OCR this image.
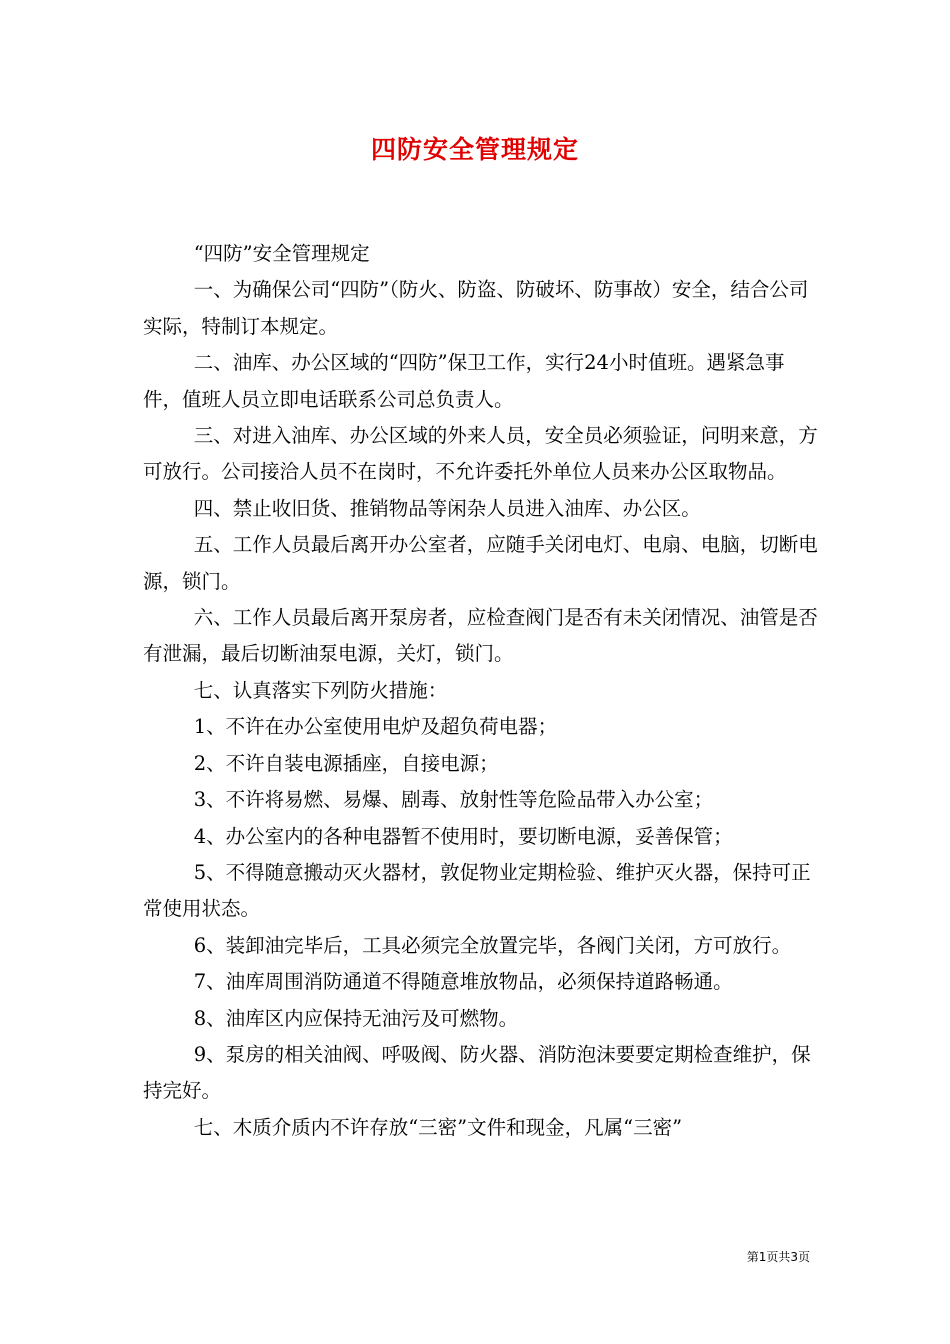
四防安全管理规定

“四防”安全管理规定

一、为确保公司“四防”（防火、防盗、防破坏、防事故）安全，结合公司实际，特制订本规定。

二、油库、办公区域的“四防”保卫工作，实行24小时值班。遇紧急事件，值班人员立即电话联系公司总负责人。

三、对进入油库、办公区域的外来人员，安全员必须验证，问明来意，方可放行。公司接洽人员不在岗时，不允许委托外单位人员来办公区取物品。

四、禁止收旧货、推销物品等闲杂人员进入油库、办公区。

五、工作人员最后离开办公室者，应随手关闭电灯、电扇、电脑，切断电源，锁门。

六、工作人员最后离开泵房者，应检查阀门是否有未关闭情况、油管是否有泄漏，最后切断油泵电源，关灯，锁门。

七、认真落实下列防火措施：

1、不许在办公室使用电炉及超负荷电器；

2、不许自装电源插座，自接电源；

3、不许将易燃、易爆、剧毒、放射性等危险品带入办公室；

4、办公室内的各种电器暂不使用时，要切断电源，妥善保管；

5、不得随意搬动灭火器材，敦促物业定期检验、维护灭火器，保持可正常使用状态。

6、装卸油完毕后，工具必须完全放置完毕，各阀门关闭，方可放行。

7、油库周围消防通道不得随意堆放物品，必须保持道路畅通。

8、油库区内应保持无油污及可燃物。

9、泵房的相关油阀、呼吸阀、防火器、消防泡沫要要定期检查维护，保持完好。

七、木质介质内不许存放“三密”文件和现金，凡属“三密”

第1页共3页
